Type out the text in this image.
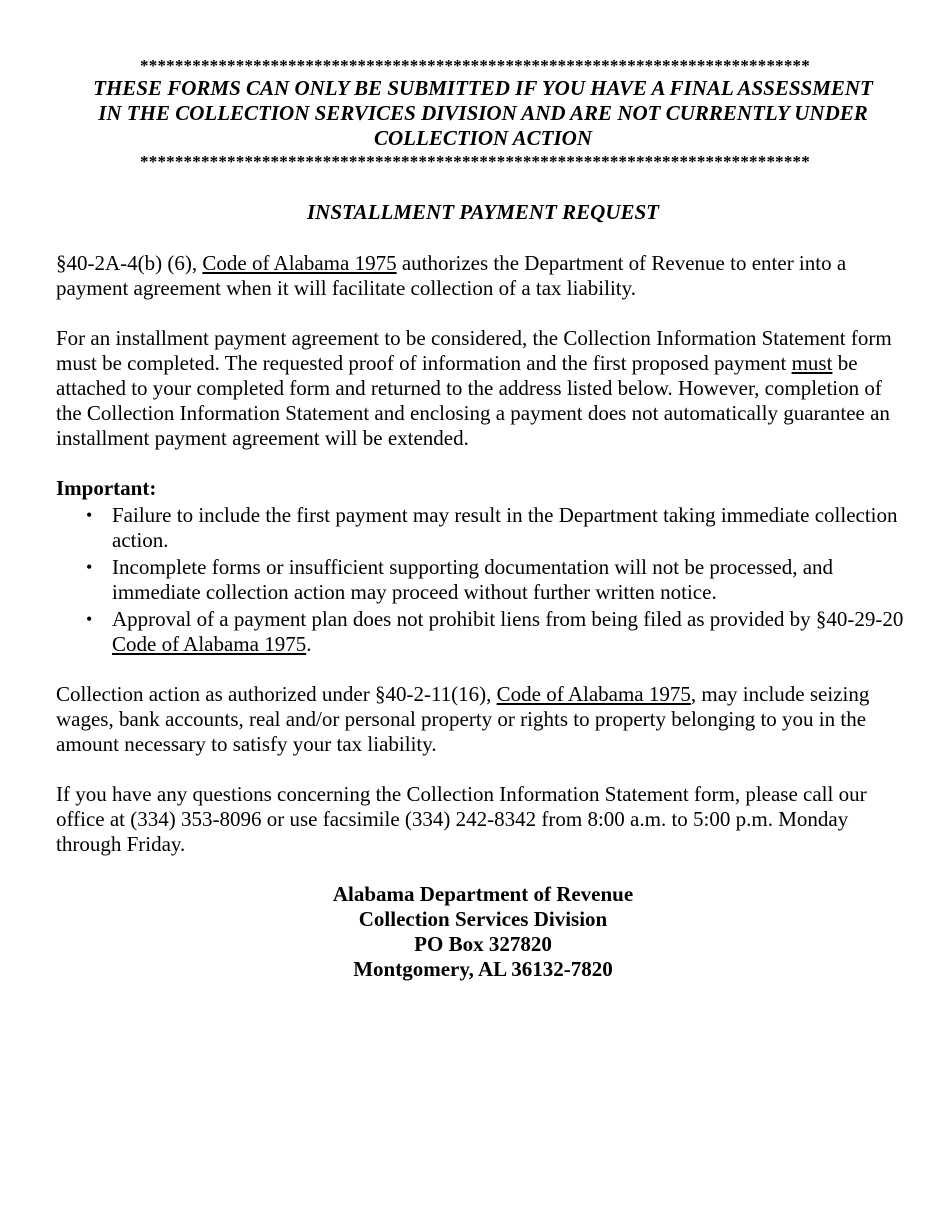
*****************************************************************************
THESE FORMS CAN ONLY BE SUBMITTED IF YOU HAVE A FINAL ASSESSMENT
IN THE COLLECTION SERVICES DIVISION AND ARE NOT CURRENTLY UNDER
COLLECTION ACTION
*****************************************************************************
INSTALLMENT PAYMENT REQUEST

§40-2A-4(b) (6), Code of Alabama 1975 authorizes the Department of Revenue to enter into a payment agreement when it will facilitate collection of a tax liability.

For an installment payment agreement to be considered, the Collection Information Statement form must be completed. The requested proof of information and the first proposed payment must be attached to your completed form and returned to the address listed below. However, completion of the Collection Information Statement and enclosing a payment does not automatically guarantee an installment payment agreement will be extended.

Important:
• Failure to include the first payment may result in the Department taking immediate collection action.
• Incomplete forms or insufficient supporting documentation will not be processed, and immediate collection action may proceed without further written notice.
• Approval of a payment plan does not prohibit liens from being filed as provided by §40-29-20 Code of Alabama 1975.

Collection action as authorized under §40-2-11(16), Code of Alabama 1975, may include seizing wages, bank accounts, real and/or personal property or rights to property belonging to you in the amount necessary to satisfy your tax liability.

If you have any questions concerning the Collection Information Statement form, please call our office at (334) 353-8096 or use facsimile (334) 242-8342 from 8:00 a.m. to 5:00 p.m. Monday through Friday.

Alabama Department of Revenue
Collection Services Division
PO Box 327820
Montgomery, AL 36132-7820
